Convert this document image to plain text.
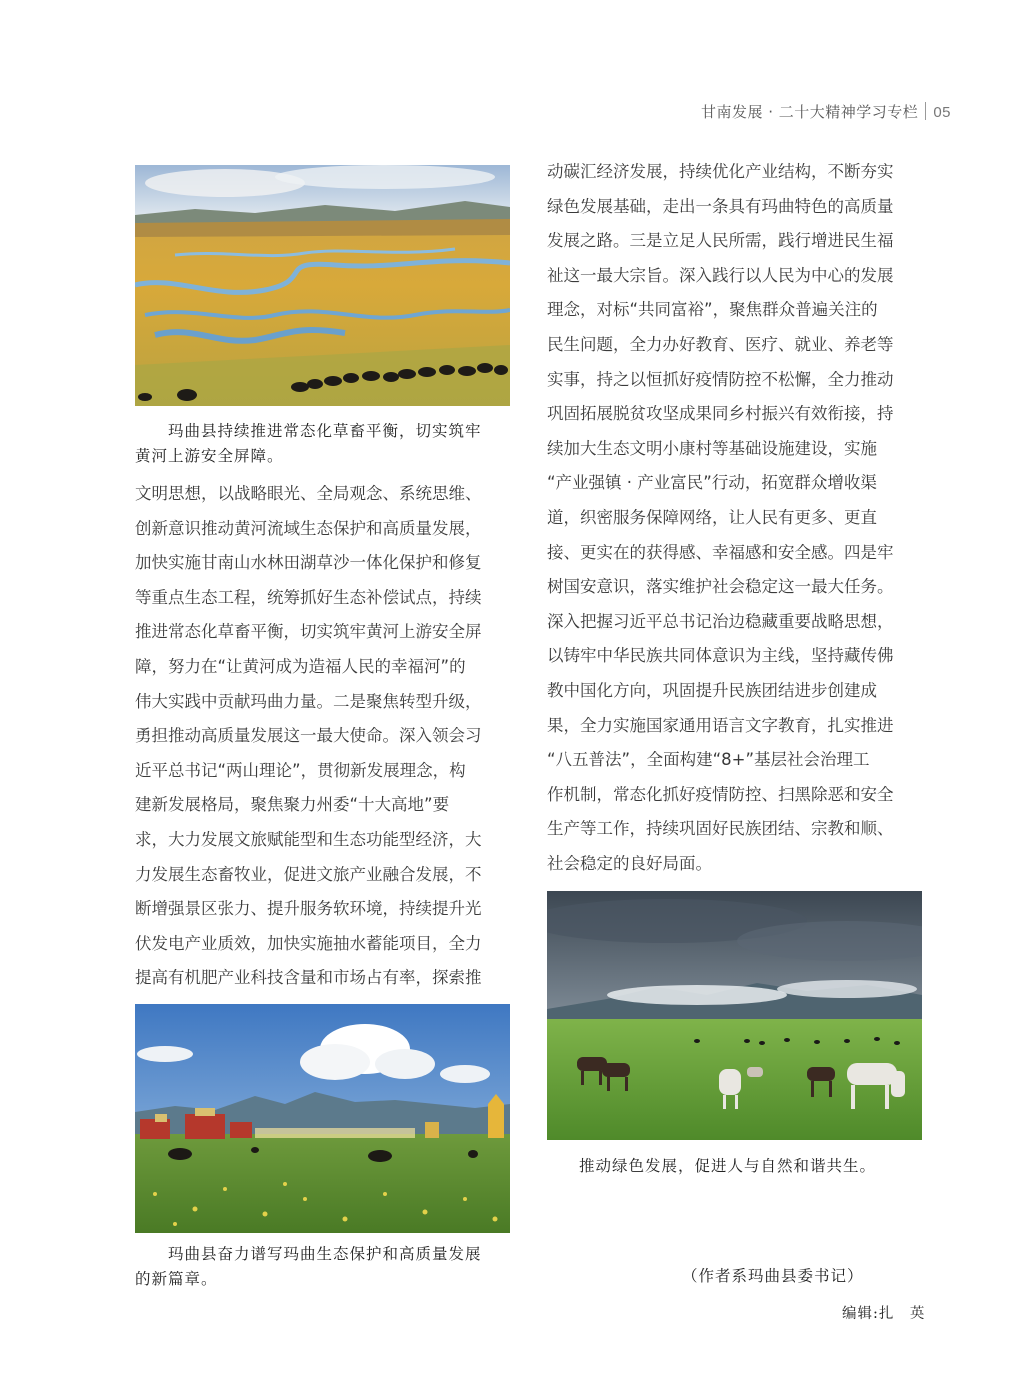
甘南发展 · 二十大精神学习专栏 05
玛曲县持续推进常态化草畜平衡，切实筑牢
黄河上游安全屏障。

文明思想，以战略眼光、全局观念、系统思维、

创新意识推动黄河流域生态保护和高质量发展，

加快实施甘南山水林田湖草沙一体化保护和修复

等重点生态工程，统筹抓好生态补偿试点，持续

推进常态化草畜平衡，切实筑牢黄河上游安全屏

障，努力在“让黄河成为造福人民的幸福河”的

伟大实践中贡献玛曲力量。二是聚焦转型升级，

勇担推动高质量发展这一最大使命。深入领会习

近平总书记“两山理论”，贯彻新发展理念，构

建新发展格局，聚焦聚力州委“十大高地”要

求，大力发展文旅赋能型和生态功能型经济，大

力发展生态畜牧业，促进文旅产业融合发展，不

断增强景区张力、提升服务软环境，持续提升光

伏发电产业质效，加快实施抽水蓄能项目，全力

提高有机肥产业科技含量和市场占有率，探索推

玛曲县奋力谱写玛曲生态保护和高质量发展
的新篇章。

动碳汇经济发展，持续优化产业结构，不断夯实

绿色发展基础，走出一条具有玛曲特色的高质量

发展之路。三是立足人民所需，践行增进民生福

祉这一最大宗旨。深入践行以人民为中心的发展

理念，对标“共同富裕”，聚焦群众普遍关注的

民生问题，全力办好教育、医疗、就业、养老等

实事，持之以恒抓好疫情防控不松懈，全力推动

巩固拓展脱贫攻坚成果同乡村振兴有效衔接，持

续加大生态文明小康村等基础设施建设，实施

“产业强镇 · 产业富民”行动，拓宽群众增收渠

道，织密服务保障网络，让人民有更多、更直

接、更实在的获得感、幸福感和安全感。四是牢

树国安意识，落实维护社会稳定这一最大任务。

深入把握习近平总书记治边稳藏重要战略思想，

以铸牢中华民族共同体意识为主线，坚持藏传佛

教中国化方向，巩固提升民族团结进步创建成

果，全力实施国家通用语言文字教育，扎实推进

“八五普法”，全面构建“8+”基层社会治理工

作机制，常态化抓好疫情防控、扫黑除恶和安全

生产等工作，持续巩固好民族团结、宗教和顺、

社会稳定的良好局面。

推动绿色发展，促进人与自然和谐共生。
（作者系玛曲县委书记）
编辑:扎　英
